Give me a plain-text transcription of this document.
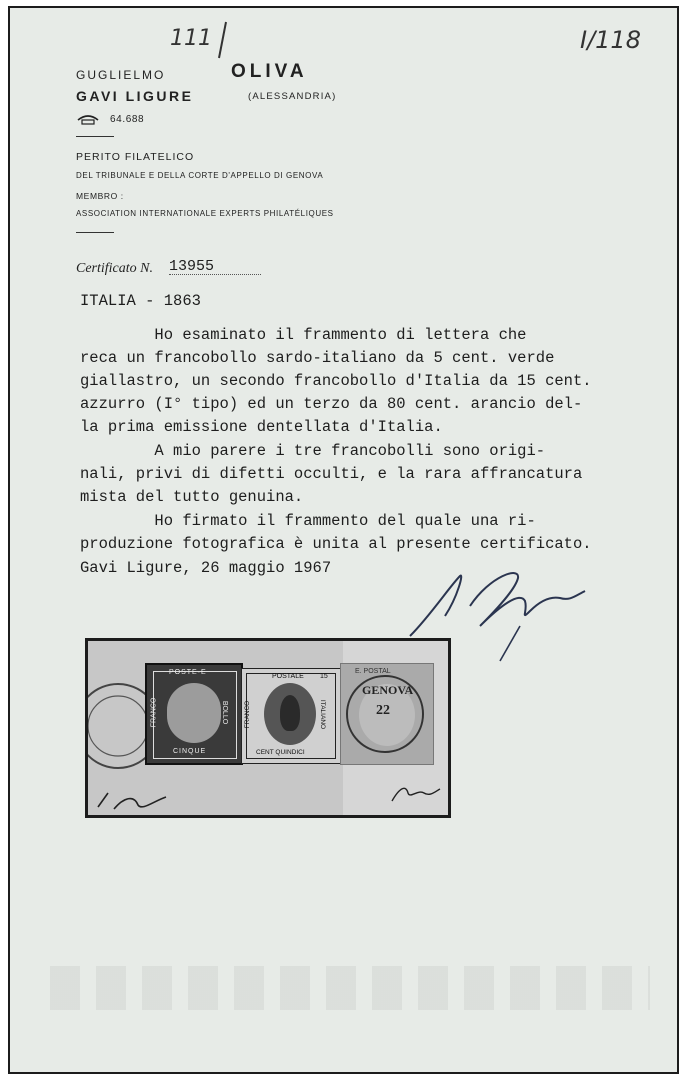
111	I/118
GUGLIELMO	OLIVA
GAVI LIGURE	(ALESSANDRIA)
64.688
PERITO FILATELICO
DEL TRIBUNALE E DELLA CORTE D'APPELLO DI GENOVA
MEMBRO :
ASSOCIATION INTERNATIONALE EXPERTS PHILATÉLIQUES
Certificato N. 13955
ITALIA - 1863
Ho esaminato il frammento di lettera che
reca un francobollo sardo-italiano da 5 cent. verde
giallastro, un secondo francobollo d'Italia da 15 cent.
azzurro (I° tipo) ed un terzo da 80 cent. arancio del-
la prima emissione dentellata d'Italia.
A mio parere i tre francobolli sono origi-
nali, privi di difetti occulti, e la rara affrancatura
mista del tutto genuina.
Ho firmato il frammento del quale una ri-
produzione fotografica è unita al presente certificato.
Gavi Ligure, 26 maggio 1967
POSTE·E
FRANCO	BOLLO
CINQUE
POSTALE 15
FRANCO	ITALIANO
CENT QUINDICI
E. POSTAL
GENOVA
22
